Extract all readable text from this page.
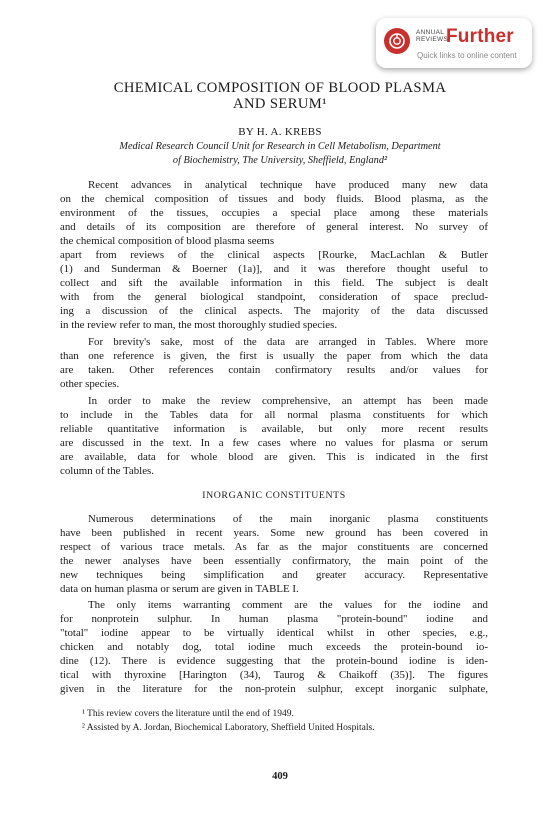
ANNUAL
REVIEWS
Further
Quick links to online content
CHEMICAL COMPOSITION OF BLOOD PLASMA
AND SERUM¹
BY H. A. KREBS
Medical Research Council Unit for Research in Cell Metabolism, Department
of Biochemistry, The University, Sheffield, England²
Recent advances in analytical technique have produced many new data
on the chemical composition of tissues and body fluids. Blood plasma, as the
environment of the tissues, occupies a special place among these materials
and details of its composition are therefore of general interest. No survey of
the chemical composition of blood plasma seems
apart from reviews of the clinical aspects [Rourke, MacLachlan & Butler
(1) and Sunderman & Boerner (1a)], and it was therefore thought useful to
collect and sift the available information in this field. The subject is dealt
with from the general biological standpoint, consideration of space preclud-
ing a discussion of the clinical aspects. The majority of the data discussed
in the review refer to man, the most thoroughly studied species.
For brevity's sake, most of the data are arranged in Tables. Where more
than one reference is given, the first is usually the paper from which the data
are taken. Other references contain confirmatory results and/or values for
other species.
In order to make the review comprehensive, an attempt has been made
to include in the Tables data for all normal plasma constituents for which
reliable quantitative information is available, but only more recent results
are discussed in the text. In a few cases where no values for plasma or serum
are available, data for whole blood are given. This is indicated in the first
column of the Tables.
INORGANIC CONSTITUENTS
Numerous determinations of the main inorganic plasma constituents
have been published in recent years. Some new ground has been covered in
respect of various trace metals. As far as the major constituents are concerned
the newer analyses have been essentially confirmatory, the main point of the
new techniques being simplification and greater accuracy. Representative
data on human plasma or serum are given in TABLE I.
The only items warranting comment are the values for the iodine and
for nonprotein sulphur. In human plasma "protein-bound" iodine and
"total" iodine appear to be virtually identical whilst in other species, e.g.,
chicken and notably dog, total iodine much exceeds the protein-bound io-
dine (12). There is evidence suggesting that the protein-bound iodine is iden-
tical with thyroxine [Harington (34), Taurog & Chaikoff (35)]. The figures
given in the literature for the non-protein sulphur, except inorganic sulphate,
¹ This review covers the literature until the end of 1949.
² Assisted by A. Jordan, Biochemical Laboratory, Sheffield United Hospitals.
409
